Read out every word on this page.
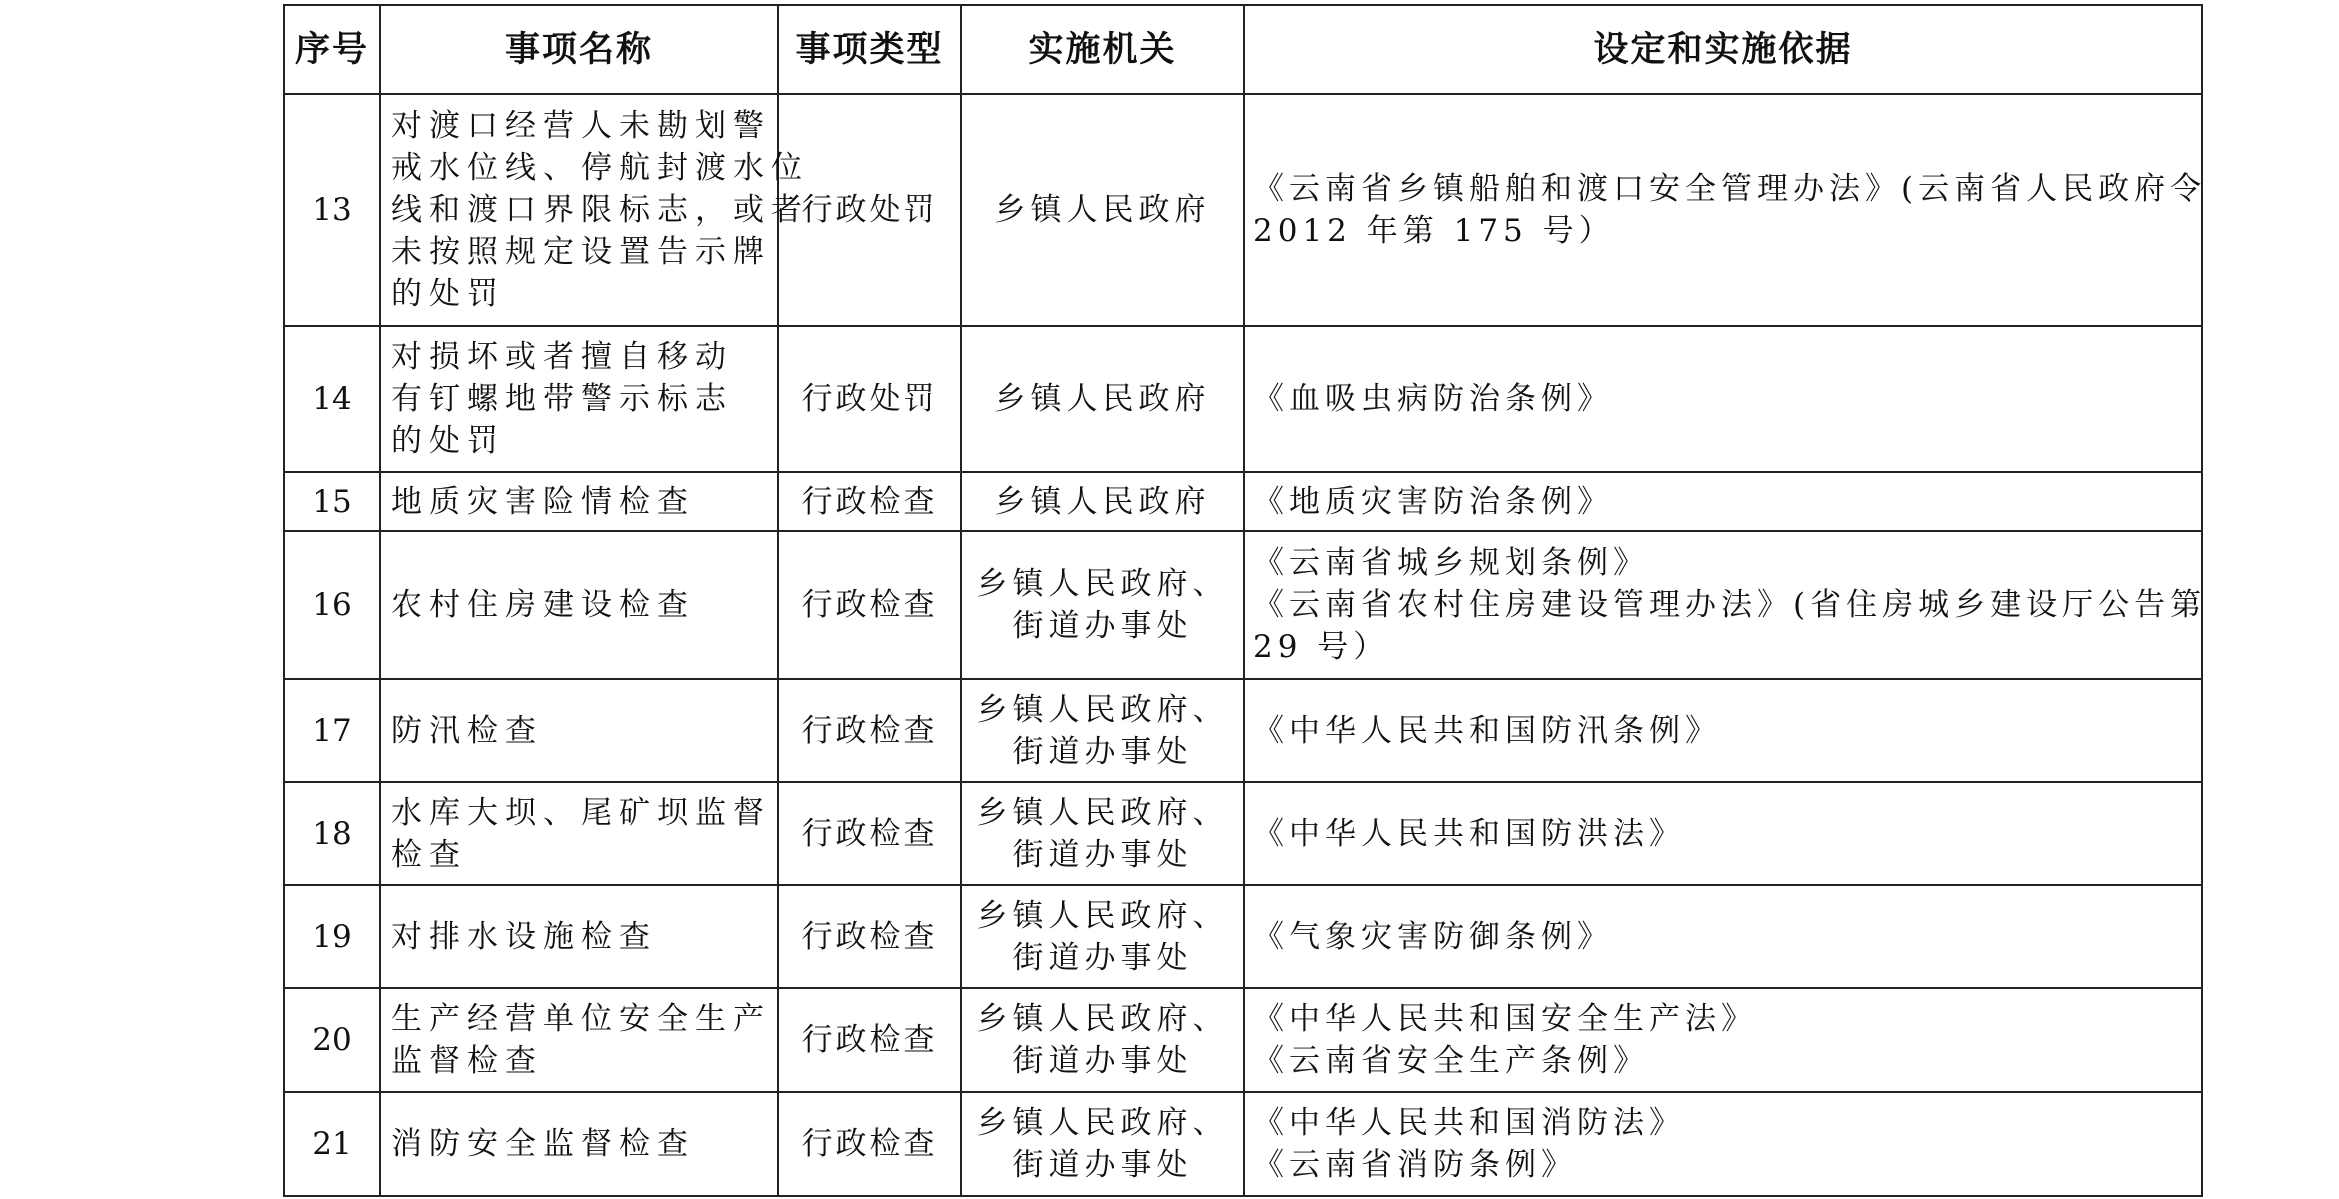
序号	事项名称	事项类型	实施机关	设定和实施依据
13	对渡口经营人未勘划警
戒水位线、停航封渡水位
线和渡口界限标志，或者
未按照规定设置告示牌
的处罚	行政处罚	乡镇人民政府	《云南省乡镇船舶和渡口安全管理办法》(云南省人民政府令
2012 年第 175 号）

14	对损坏或者擅自移动
有钉螺地带警示标志
的处罚	行政处罚	乡镇人民政府	《血吸虫病防治条例》

15	地质灾害险情检查	行政检查	乡镇人民政府	《地质灾害防治条例》

16	农村住房建设检查	行政检查	乡镇人民政府、
街道办事处	《云南省城乡规划条例》
《云南省农村住房建设管理办法》(省住房城乡建设厅公告第
29 号）

17	防汛检查	行政检查	乡镇人民政府、
街道办事处	《中华人民共和国防汛条例》

18	水库大坝、尾矿坝监督
检查	行政检查	乡镇人民政府、
街道办事处	《中华人民共和国防洪法》

19	对排水设施检查	行政检查	乡镇人民政府、
街道办事处	《气象灾害防御条例》

20	生产经营单位安全生产
监督检查	行政检查	乡镇人民政府、
街道办事处	《中华人民共和国安全生产法》
《云南省安全生产条例》

21	消防安全监督检查	行政检查	乡镇人民政府、
街道办事处	《中华人民共和国消防法》
《云南省消防条例》
